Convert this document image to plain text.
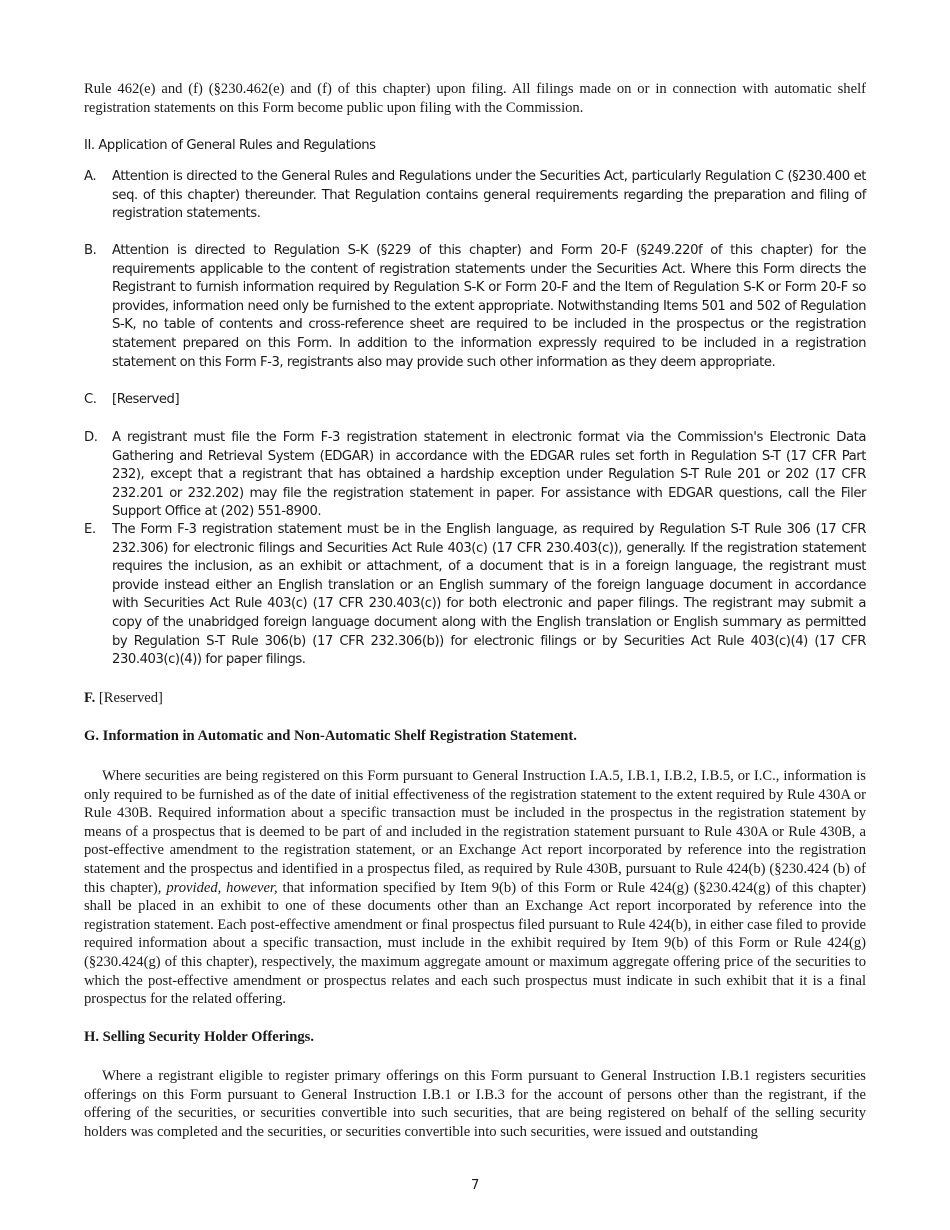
Rule 462(e) and (f) (§230.462(e) and (f) of this chapter) upon filing. All filings made on or in connection with automatic shelf registration statements on this Form become public upon filing with the Commission.

II. Application of General Rules and Regulations

A.	Attention is directed to the General Rules and Regulations under the Securities Act, particularly Regulation C (§230.400 et seq. of this chapter) thereunder. That Regulation contains general requirements regarding the preparation and filing of registration statements.
B.	Attention is directed to Regulation S-K (§229 of this chapter) and Form 20-F (§249.220f of this chapter) for the requirements applicable to the content of registration statements under the Securities Act. Where this Form directs the Registrant to furnish information required by Regulation S-K or Form 20-F and the Item of Regulation S-K or Form 20-F so provides, information need only be furnished to the extent appropriate. Notwithstanding Items 501 and 502 of Regulation S-K, no table of contents and cross-reference sheet are required to be included in the prospectus or the registration statement prepared on this Form. In addition to the information expressly required to be included in a registration statement on this Form F-3, registrants also may provide such other information as they deem appropriate.
C.	[Reserved]
D.	A registrant must file the Form F-3 registration statement in electronic format via the Commission's Electronic Data Gathering and Retrieval System (EDGAR) in accordance with the EDGAR rules set forth in Regulation S-T (17 CFR Part 232), except that a registrant that has obtained a hardship exception under Regulation S-T Rule 201 or 202 (17 CFR 232.201 or 232.202) may file the registration statement in paper. For assistance with EDGAR questions, call the Filer Support Office at (202) 551-8900.
E.	The Form F-3 registration statement must be in the English language, as required by Regulation S-T Rule 306 (17 CFR 232.306) for electronic filings and Securities Act Rule 403(c) (17 CFR 230.403(c)), generally. If the registration statement requires the inclusion, as an exhibit or attachment, of a document that is in a foreign language, the registrant must provide instead either an English translation or an English summary of the foreign language document in accordance with Securities Act Rule 403(c) (17 CFR 230.403(c)) for both electronic and paper filings. The registrant may submit a copy of the unabridged foreign language document along with the English translation or English summary as permitted by Regulation S-T Rule 306(b) (17 CFR 232.306(b)) for electronic filings or by Securities Act Rule 403(c)(4) (17 CFR 230.403(c)(4)) for paper filings.

F. [Reserved]

G. Information in Automatic and Non-Automatic Shelf Registration Statement.

Where securities are being registered on this Form pursuant to General Instruction I.A.5, I.B.1, I.B.2, I.B.5, or I.C., information is only required to be furnished as of the date of initial effectiveness of the registration statement to the extent required by Rule 430A or Rule 430B. Required information about a specific transaction must be included in the prospectus in the registration statement by means of a prospectus that is deemed to be part of and included in the registration statement pursuant to Rule 430A or Rule 430B, a post-effective amendment to the registration statement, or an Exchange Act report incorporated by reference into the registration statement and the prospectus and identified in a prospectus filed, as required by Rule 430B, pursuant to Rule 424(b) (§230.424 (b) of this chapter), provided, however, that information specified by Item 9(b) of this Form or Rule 424(g) (§230.424(g) of this chapter) shall be placed in an exhibit to one of these documents other than an Exchange Act report incorporated by reference into the registration statement. Each post-effective amendment or final prospectus filed pursuant to Rule 424(b), in either case filed to provide required information about a specific transaction, must include in the exhibit required by Item 9(b) of this Form or Rule 424(g) (§230.424(g) of this chapter), respectively, the maximum aggregate amount or maximum aggregate offering price of the securities to which the post-effective amendment or prospectus relates and each such prospectus must indicate in such exhibit that it is a final prospectus for the related offering.

H. Selling Security Holder Offerings.

Where a registrant eligible to register primary offerings on this Form pursuant to General Instruction I.B.1 registers securities offerings on this Form pursuant to General Instruction I.B.1 or I.B.3 for the account of persons other than the registrant, if the offering of the securities, or securities convertible into such securities, that are being registered on behalf of the selling security holders was completed and the securities, or securities convertible into such securities, were issued and outstanding

7
